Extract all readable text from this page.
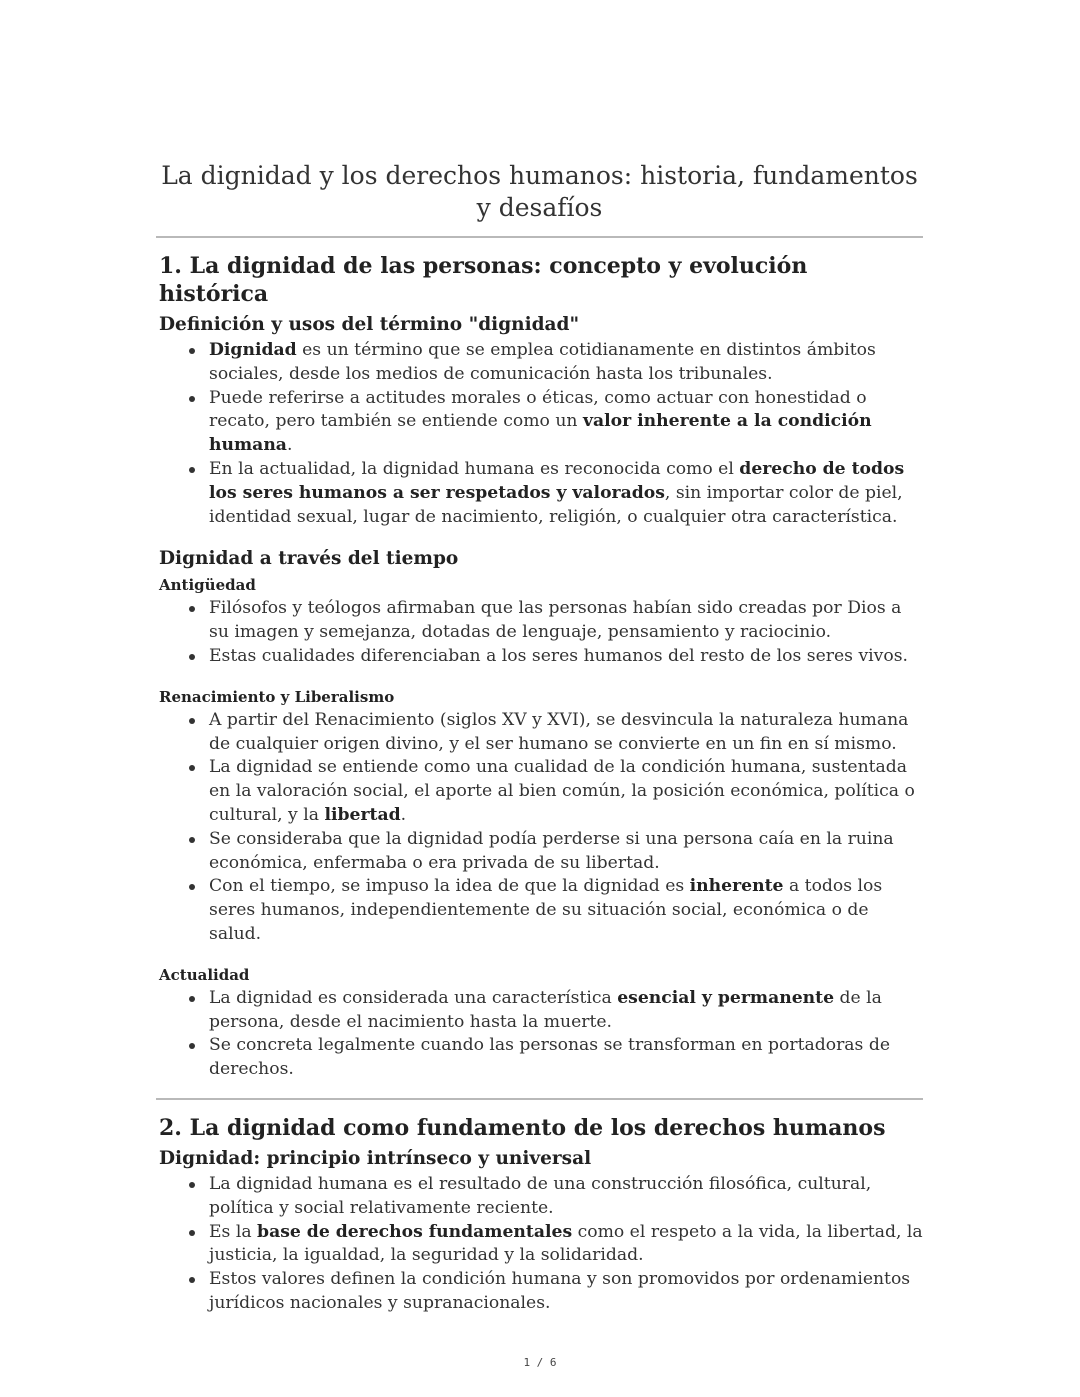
La dignidad y los derechos humanos: historia, fundamentos y desafíos
1. La dignidad de las personas: concepto y evolución histórica
Definición y usos del término "dignidad"
Dignidad es un término que se emplea cotidianamente en distintos ámbitos sociales, desde los medios de comunicación hasta los tribunales.
Puede referirse a actitudes morales o éticas, como actuar con honestidad o recato, pero también se entiende como un valor inherente a la condición humana.
En la actualidad, la dignidad humana es reconocida como el derecho de todos los seres humanos a ser respetados y valorados, sin importar color de piel, identidad sexual, lugar de nacimiento, religión, o cualquier otra característica.
Dignidad a través del tiempo
Antigüedad
Filósofos y teólogos afirmaban que las personas habían sido creadas por Dios a su imagen y semejanza, dotadas de lenguaje, pensamiento y raciocinio.
Estas cualidades diferenciaban a los seres humanos del resto de los seres vivos.
Renacimiento y Liberalismo
A partir del Renacimiento (siglos XV y XVI), se desvincula la naturaleza humana de cualquier origen divino, y el ser humano se convierte en un fin en sí mismo.
La dignidad se entiende como una cualidad de la condición humana, sustentada en la valoración social, el aporte al bien común, la posición económica, política o cultural, y la libertad.
Se consideraba que la dignidad podía perderse si una persona caía en la ruina económica, enfermaba o era privada de su libertad.
Con el tiempo, se impuso la idea de que la dignidad es inherente a todos los seres humanos, independientemente de su situación social, económica o de salud.
Actualidad
La dignidad es considerada una característica esencial y permanente de la persona, desde el nacimiento hasta la muerte.
Se concreta legalmente cuando las personas se transforman en portadoras de derechos.
2. La dignidad como fundamento de los derechos humanos
Dignidad: principio intrínseco y universal
La dignidad humana es el resultado de una construcción filosófica, cultural, política y social relativamente reciente.
Es la base de derechos fundamentales como el respeto a la vida, la libertad, la justicia, la igualdad, la seguridad y la solidaridad.
Estos valores definen la condición humana y son promovidos por ordenamientos jurídicos nacionales y supranacionales.
1 / 6
